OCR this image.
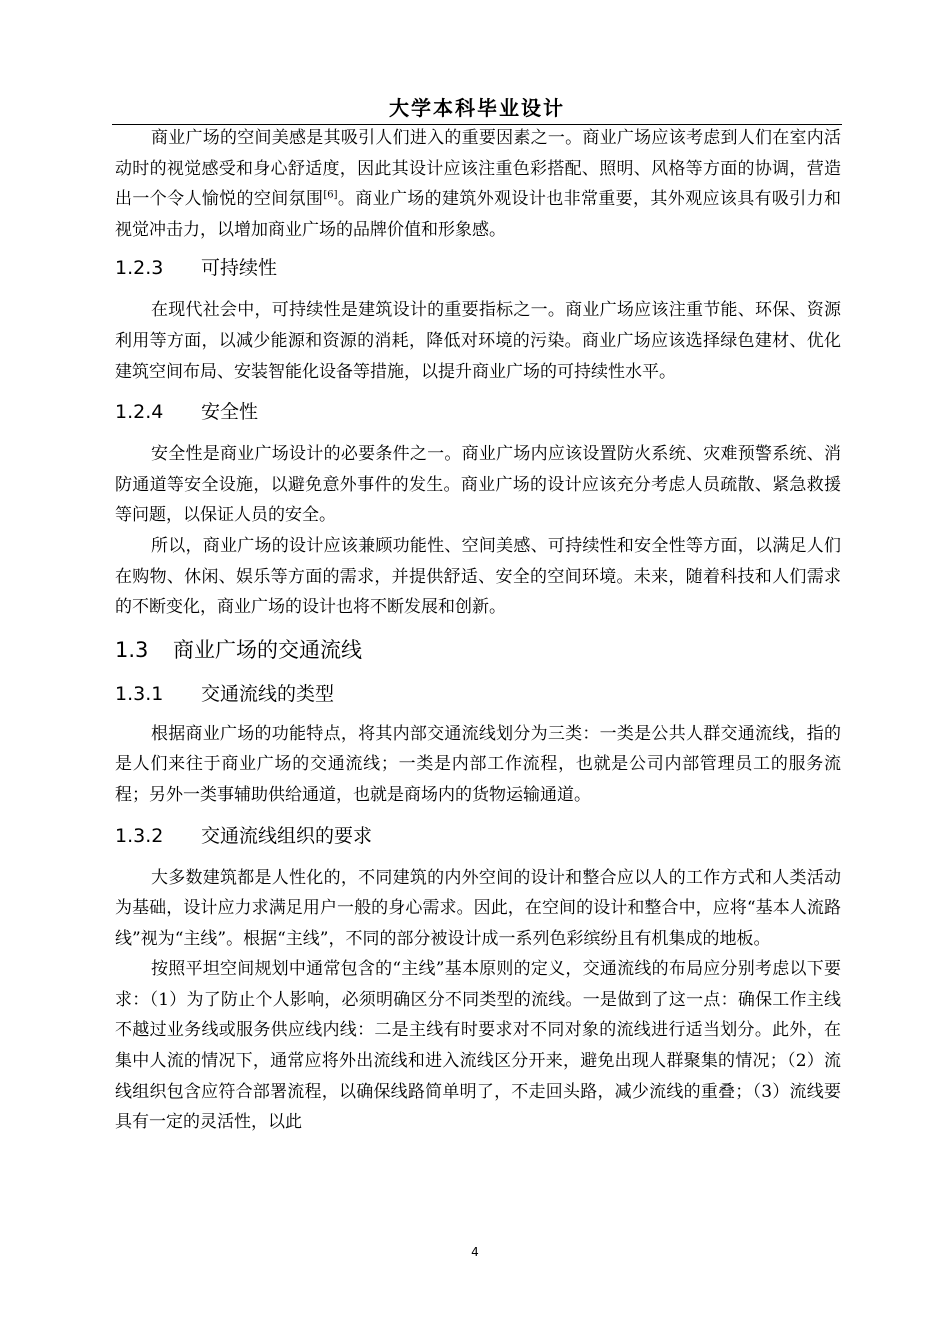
大学本科毕业设计

商业广场的空间美感是其吸引人们进入的重要因素之一。商业广场应该考虑到人们在室内活动时的视觉感受和身心舒适度，因此其设计应该注重色彩搭配、照明、风格等方面的协调，营造出一个令人愉悦的空间氛围[6]。商业广场的建筑外观设计也非常重要，其外观应该具有吸引力和视觉冲击力，以增加商业广场的品牌价值和形象感。

1.2.3 可持续性

在现代社会中，可持续性是建筑设计的重要指标之一。商业广场应该注重节能、环保、资源利用等方面，以减少能源和资源的消耗，降低对环境的污染。商业广场应该选择绿色建材、优化建筑空间布局、安装智能化设备等措施，以提升商业广场的可持续性水平。

1.2.4 安全性

安全性是商业广场设计的必要条件之一。商业广场内应该设置防火系统、灾难预警系统、消防通道等安全设施，以避免意外事件的发生。商业广场的设计应该充分考虑人员疏散、紧急救援等问题，以保证人员的安全。

所以，商业广场的设计应该兼顾功能性、空间美感、可持续性和安全性等方面，以满足人们在购物、休闲、娱乐等方面的需求，并提供舒适、安全的空间环境。未来，随着科技和人们需求的不断变化，商业广场的设计也将不断发展和创新。

1.3 商业广场的交通流线
1.3.1 交通流线的类型

根据商业广场的功能特点，将其内部交通流线划分为三类：一类是公共人群交通流线，指的是人们来往于商业广场的交通流线；一类是内部工作流程，也就是公司内部管理员工的服务流程；另外一类事辅助供给通道，也就是商场内的货物运输通道。

1.3.2 交通流线组织的要求

大多数建筑都是人性化的，不同建筑的内外空间的设计和整合应以人的工作方式和人类活动为基础，设计应力求满足用户一般的身心需求。因此，在空间的设计和整合中，应将“基本人流路线”视为“主线”。根据“主线”，不同的部分被设计成一系列色彩缤纷且有机集成的地板。

按照平坦空间规划中通常包含的“主线”基本原则的定义，交通流线的布局应分别考虑以下要求：（1）为了防止个人影响，必须明确区分不同类型的流线。一是做到了这一点：确保工作主线不越过业务线或服务供应线内线：二是主线有时要求对不同对象的流线进行适当划分。此外，在集中人流的情况下，通常应将外出流线和进入流线区分开来，避免出现人群聚集的情况；（2）流线组织包含应符合部署流程，以确保线路简单明了，不走回头路，减少流线的重叠；（3）流线要具有一定的灵活性，以此

4
